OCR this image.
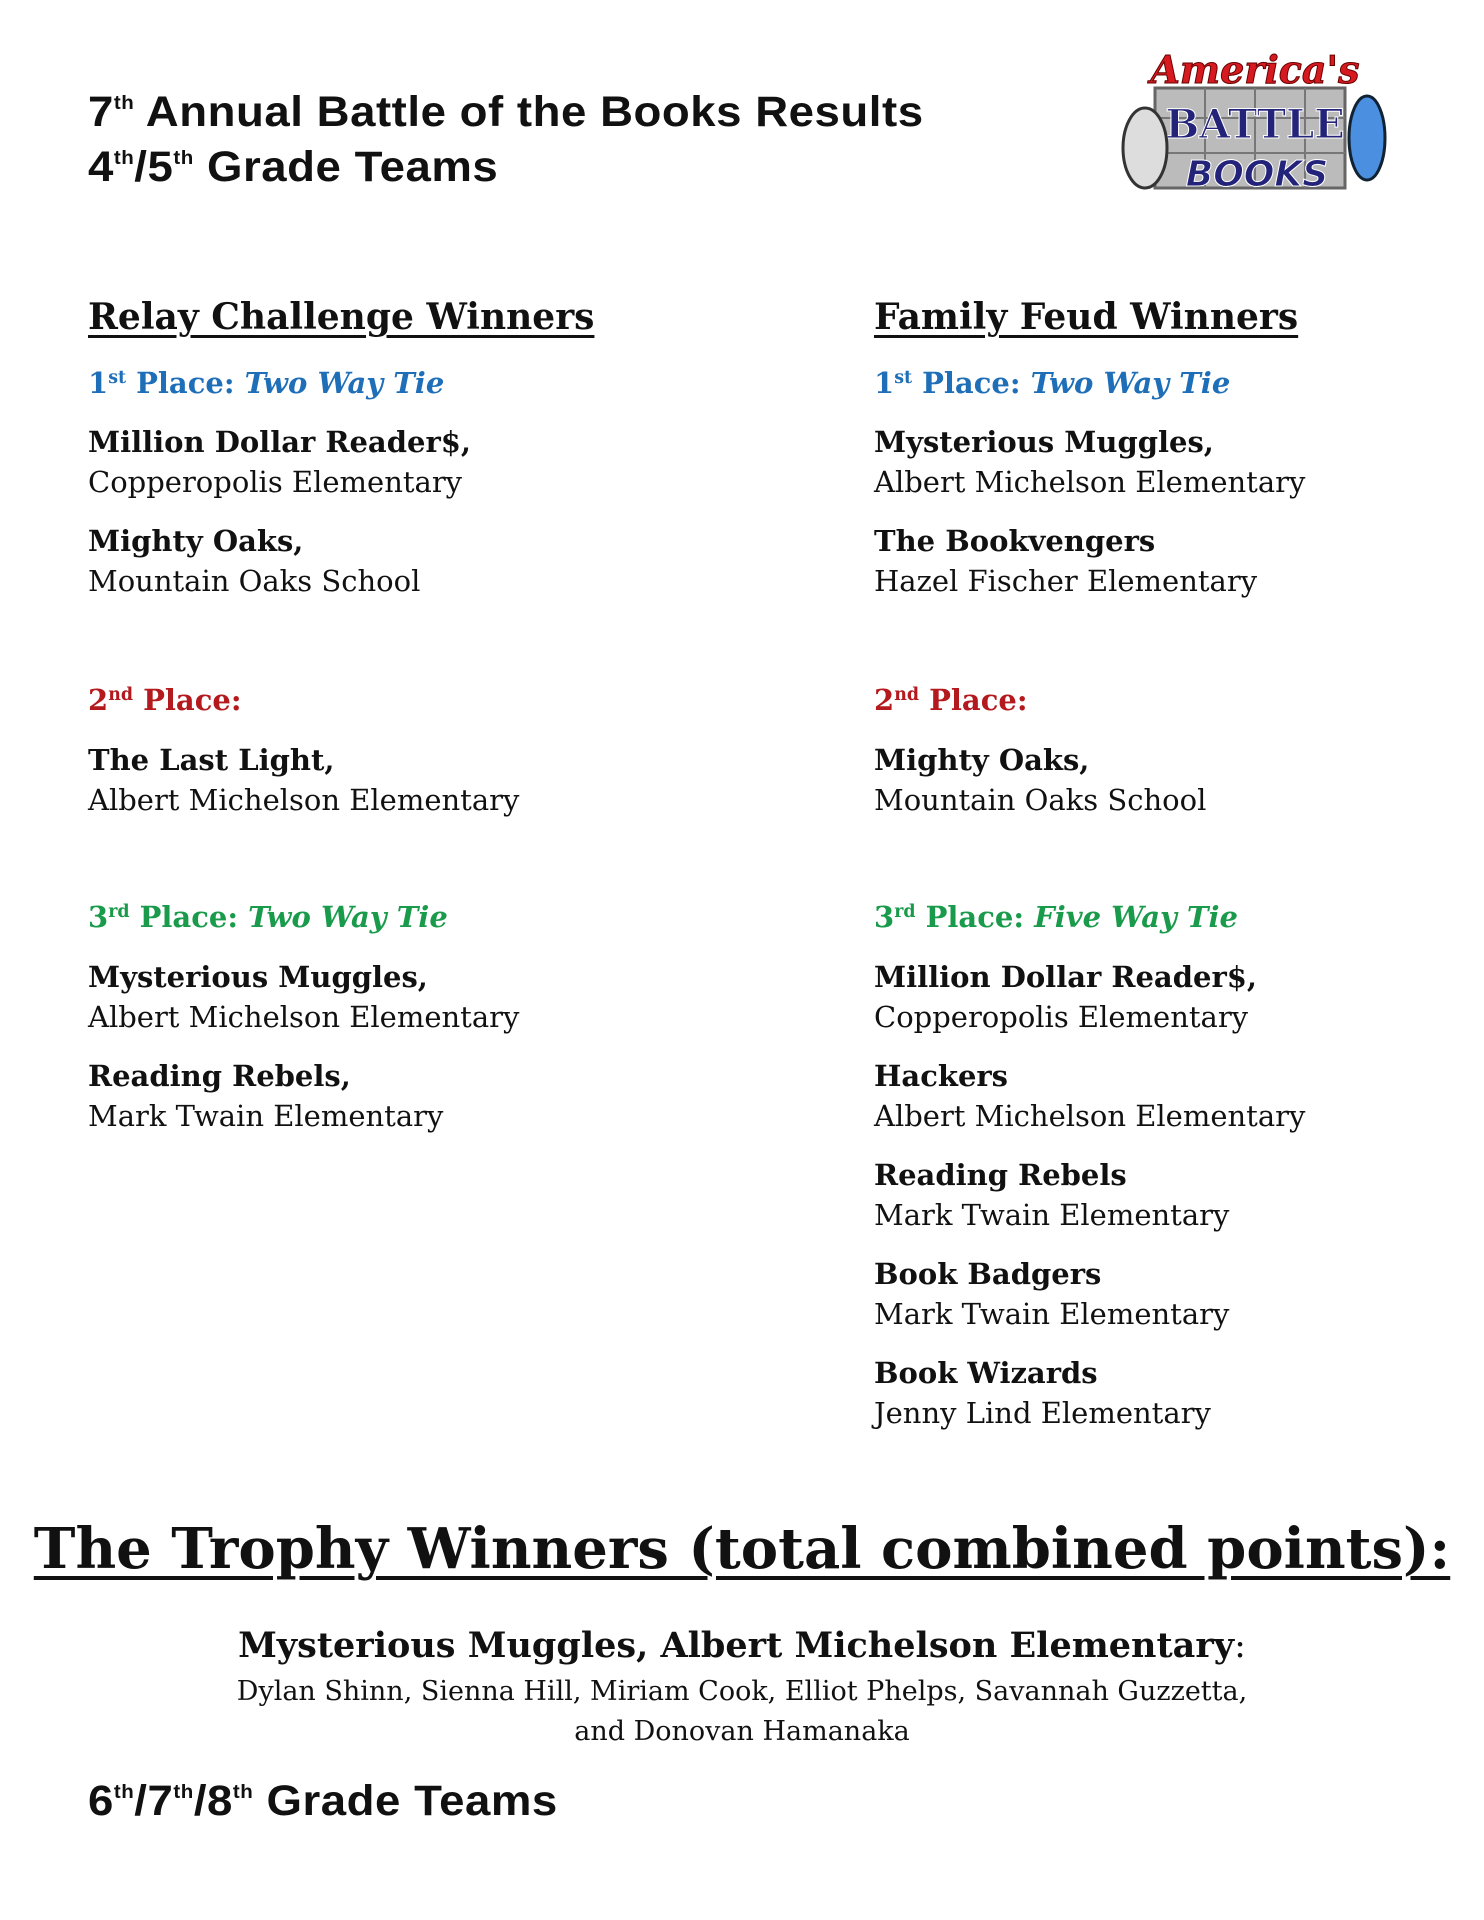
7th Annual Battle of the Books Results
4th/5th Grade Teams
America's
BATTLE
BOOKS
Relay Challenge Winners
1st Place: Two Way Tie
Million Dollar Reader$,
Copperopolis Elementary
Mighty Oaks,
Mountain Oaks School
2nd Place:
The Last Light,
Albert Michelson Elementary
3rd Place: Two Way Tie
Mysterious Muggles,
Albert Michelson Elementary
Reading Rebels,
Mark Twain Elementary
Family Feud Winners
1st Place: Two Way Tie
Mysterious Muggles,
Albert Michelson Elementary
The Bookvengers
Hazel Fischer Elementary
2nd Place:
Mighty Oaks,
Mountain Oaks School
3rd Place: Five Way Tie
Million Dollar Reader$,
Copperopolis Elementary
Hackers
Albert Michelson Elementary
Reading Rebels
Mark Twain Elementary
Book Badgers
Mark Twain Elementary
Book Wizards
Jenny Lind Elementary
The Trophy Winners (total combined points):
Mysterious Muggles, Albert Michelson Elementary:
Dylan Shinn, Sienna Hill, Miriam Cook, Elliot Phelps, Savannah Guzzetta,
and Donovan Hamanaka
6th/7th/8th Grade Teams
